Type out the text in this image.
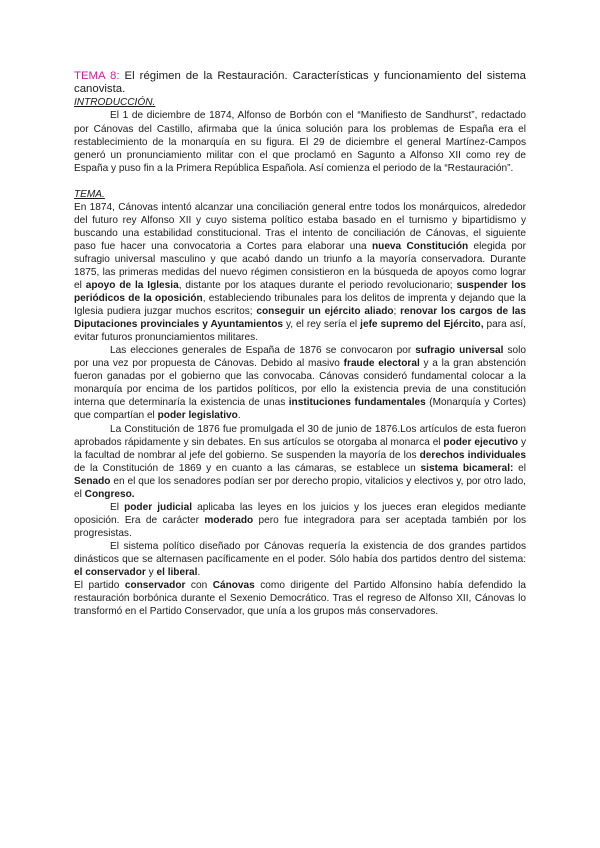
TEMA 8: El régimen de la Restauración. Características y funcionamiento del sistema canovista.

INTRODUCCIÓN.

El 1 de diciembre de 1874, Alfonso de Borbón con el “Manifiesto de Sandhurst”, redactado por Cánovas del Castillo, afirmaba que la única solución para los problemas de España era el restablecimiento de la monarquía en su figura. El 29 de diciembre el general Martínez-Campos generó un pronunciamiento militar con el que proclamó en Sagunto a Alfonso XII como rey de España y puso fin a la Primera República Española. Así comienza el periodo de la “Restauración”.

TEMA.

En 1874, Cánovas intentó alcanzar una conciliación general entre todos los monárquicos, alrededor del futuro rey Alfonso XII y cuyo sistema político estaba basado en el turnismo y bipartidismo y buscando una estabilidad constitucional. Tras el intento de conciliación de Cánovas, el siguiente paso fue hacer una convocatoria a Cortes para elaborar una nueva Constitución elegida por sufragio universal masculino y que acabó dando un triunfo a la mayoría conservadora. Durante 1875, las primeras medidas del nuevo régimen consistieron en la búsqueda de apoyos como lograr el apoyo de la Iglesia, distante por los ataques durante el periodo revolucionario; suspender los periódicos de la oposición, estableciendo tribunales para los delitos de imprenta y dejando que la Iglesia pudiera juzgar muchos escritos; conseguir un ejército aliado; renovar los cargos de las Diputaciones provinciales y Ayuntamientos y, el rey sería el jefe supremo del Ejército, para así, evitar futuros pronunciamientos militares.

Las elecciones generales de España de 1876 se convocaron por sufragio universal solo por una vez por propuesta de Cánovas. Debido al masivo fraude electoral y a la gran abstención fueron ganadas por el gobierno que las convocaba. Cánovas consideró fundamental colocar a la monarquía por encima de los partidos políticos, por ello la existencia previa de una constitución interna que determinaría la existencia de unas instituciones fundamentales (Monarquía y Cortes) que compartían el poder legislativo.

La Constitución de 1876 fue promulgada el 30 de junio de 1876.Los artículos de esta fueron aprobados rápidamente y sin debates. En sus artículos se otorgaba al monarca el poder ejecutivo y la facultad de nombrar al jefe del gobierno. Se suspenden la mayoría de los derechos individuales de la Constitución de 1869 y en cuanto a las cámaras, se establece un sistema bicameral: el Senado en el que los senadores podían ser por derecho propio, vitalicios y electivos y, por otro lado, el Congreso.

El poder judicial aplicaba las leyes en los juicios y los jueces eran elegidos mediante oposición. Era de carácter moderado pero fue integradora para ser aceptada también por los progresistas.

El sistema político diseñado por Cánovas requería la existencia de dos grandes partidos dinásticos que se alternasen pacíficamente en el poder. Sólo había dos partidos dentro del sistema: el conservador y el liberal.

El partido conservador con Cánovas como dirigente del Partido Alfonsino había defendido la restauración borbónica durante el Sexenio Democrático. Tras el regreso de Alfonso XII, Cánovas lo transformó en el Partido Conservador, que unía a los grupos más conservadores.
